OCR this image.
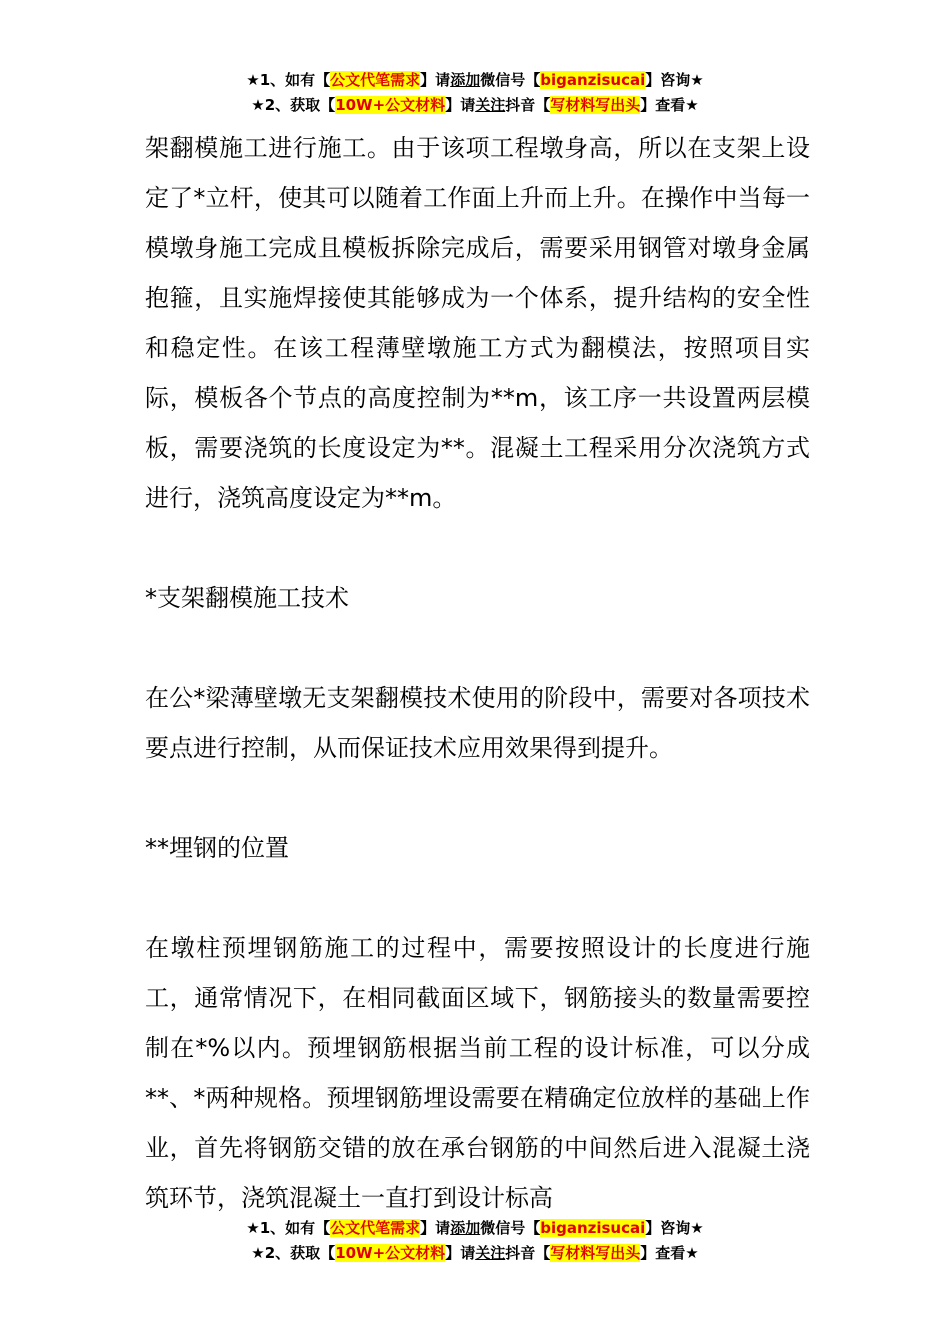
★1、如有【公文代笔需求】请添加微信号【biganzisucai】咨询★
★2、获取【10W+公文材料】请关注抖音【写材料写出头】查看★

架翻模施工进行施工。由于该项工程墩身高，所以在支架上设定了*立杆，使其可以随着工作面上升而上升。在操作中当每一模墩身施工完成且模板拆除完成后，需要采用钢管对墩身金属抱箍，且实施焊接使其能够成为一个体系，提升结构的安全性和稳定性。在该工程薄壁墩施工方式为翻模法，按照项目实际，模板各个节点的高度控制为**m，该工序一共设置两层模板，需要浇筑的长度设定为**。混凝土工程采用分次浇筑方式进行，浇筑高度设定为**m。

*支架翻模施工技术

在公*梁薄壁墩无支架翻模技术使用的阶段中，需要对各项技术要点进行控制，从而保证技术应用效果得到提升。

**埋钢的位置

在墩柱预埋钢筋施工的过程中，需要按照设计的长度进行施工，通常情况下，在相同截面区域下，钢筋接头的数量需要控制在*%以内。预埋钢筋根据当前工程的设计标准，可以分成**、*两种规格。预埋钢筋埋设需要在精确定位放样的基础上作业，首先将钢筋交错的放在承台钢筋的中间然后进入混凝土浇筑环节，浇筑混凝土一直打到设计标高

★1、如有【公文代笔需求】请添加微信号【biganzisucai】咨询★
★2、获取【10W+公文材料】请关注抖音【写材料写出头】查看★
